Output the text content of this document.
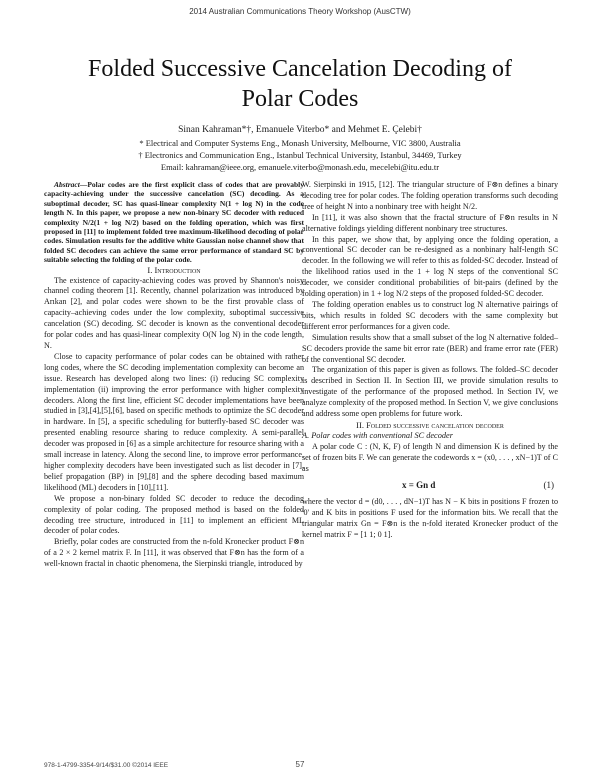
2014 Australian Communications Theory Workshop (AusCTW)
Folded Successive Cancelation Decoding of
Polar Codes
Sinan Kahraman*†, Emanuele Viterbo* and Mehmet E. Çelebi†
* Electrical and Computer Systems Eng., Monash University, Melbourne, VIC 3800, Australia
† Electronics and Communication Eng., Istanbul Technical University, Istanbul, 34469, Turkey
Email: kahraman@ieee.org, emanuele.viterbo@monash.edu, mecelebi@itu.edu.tr

Abstract—Polar codes are the first explicit class of codes that are provably capacity-achieving under the successive cancelation (SC) decoding. As a suboptimal decoder, SC has quasi-linear complexity N(1 + log N) in the code length N. In this paper, we propose a new non-binary SC decoder with reduced complexity N/2(1 + log N/2) based on the folding operation, which was first proposed in [11] to implement folded tree maximum-likelihood decoding of polar codes. Simulation results for the additive white Gaussian noise channel show that folded SC decoders can achieve the same error performance of standard SC by suitable selecting the folding of the polar code.

I. Introduction

The existence of capacity-achieving codes was proved by Shannon's noisy channel coding theorem [1]. Recently, channel polarization was introduced by Arıkan [2], and polar codes were shown to be the first provable class of capacity–achieving codes under the low complexity, suboptimal successive cancelation (SC) decoding. SC decoder is known as the conventional decoder for polar codes and has quasi-linear complexity O(N log N) in the code length, N.

Close to capacity performance of polar codes can be obtained with rather long codes, where the SC decoding implementation complexity can become an issue. Research has developed along two lines: (i) reducing SC complexity implementation (ii) improving the error performance with higher complexity decoders. Along the first line, efficient SC decoder implementations have been studied in [3],[4],[5],[6], based on specific methods to optimize the SC decoder in hardware. In [5], a specific scheduling for butterfly-based SC decoder was presented enabling resource sharing to reduce complexity. A semi-parallel decoder was proposed in [6] as a simple architecture for resource sharing with a small increase in latency. Along the second line, to improve error performance, higher complexity decoders have been investigated such as list decoder in [7], belief propagation (BP) in [9],[8] and the sphere decoding based maximum likelihood (ML) decoders in [10],[11].

We propose a non-binary folded SC decoder to reduce the decoding complexity of polar coding. The proposed method is based on the folded decoding tree structure, introduced in [11] to implement an efficient ML decoder of polar codes.

Briefly, polar codes are constructed from the n-fold Kronecker product F⊗n of a 2 × 2 kernel matrix F. In [11], it was observed that F⊗n has the form of a well-known fractal in chaotic phenomena, the Sierpinski triangle, introduced by

W. Sierpinski in 1915, [12]. The triangular structure of F⊗n defines a binary decoding tree for polar codes. The folding operation transforms such decoding tree of height N into a nonbinary tree with height N/2.

In [11], it was also shown that the fractal structure of F⊗n results in N alternative foldings yielding different nonbinary tree structures.

In this paper, we show that, by applying once the folding operation, a conventional SC decoder can be re-designed as a nonbinary half-length SC decoder. In the following we will refer to this as folded-SC decoder. Instead of the likelihood ratios used in the 1 + log N steps of the conventional SC decoder, we consider conditional probabilities of bit-pairs (defined by the folding operation) in 1 + log N/2 steps of the proposed folded-SC decoder.

The folding operation enables us to construct log N alternative pairings of bits, which results in folded SC decoders with the same complexity but different error performances for a given code.

Simulation results show that a small subset of the log N alternative folded–SC decoders provide the same bit error rate (BER) and frame error rate (FER) of the conventional SC decoder.

The organization of this paper is given as follows. The folded–SC decoder is described in Section II. In Section III, we provide simulation results to investigate of the performance of the proposed method. In Section IV, we analyze complexity of the proposed method. In Section V, we give conclusions and address some open problems for future work.

II. Folded successive cancelation decoder

A. Polar codes with conventional SC decoder

A polar code C : (N, K, F) of length N and dimension K is defined by the set of frozen bits F. We can generate the codewords x = (x0, . . . , xN−1)T of C as

x = Gn d	(1)

where the vector d = (d0, . . . , dN−1)T has N − K bits in positions F frozen to '0' and K bits in positions F used for the information bits. We recall that the triangular matrix Gn = F⊗n is the n-fold iterated Kronecker product of the kernel matrix F = [1 1; 0 1].

978-1-4799-3354-9/14/$31.00 ©2014 IEEE	57
